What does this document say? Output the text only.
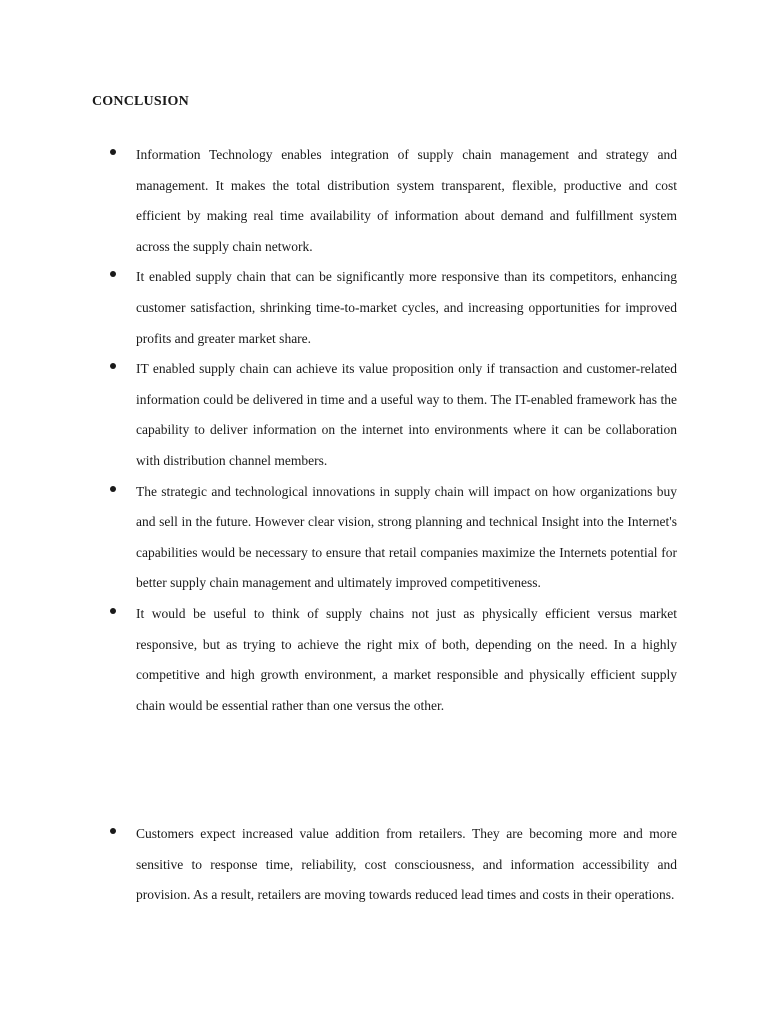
CONCLUSION

Information Technology enables integration of supply chain management and strategy and management. It makes the total distribution system transparent, flexible, productive and cost efficient by making real time availability of information about demand and fulfillment system across the supply chain network.

It enabled supply chain that can be significantly more responsive than its competitors, enhancing customer satisfaction, shrinking time-to-market cycles, and increasing opportunities for improved profits and greater market share.

IT enabled supply chain can achieve its value proposition only if transaction and customer-related information could be delivered in time and a useful way to them. The IT-enabled framework has the capability to deliver information on the internet into environments where it can be collaboration with distribution channel members.

The strategic and technological innovations in supply chain will impact on how organizations buy and sell in the future. However clear vision, strong planning and technical Insight into the Internet's capabilities would be necessary to ensure that retail companies maximize the Internets potential for better supply chain management and ultimately improved competitiveness.

It would be useful to think of supply chains not just as physically efficient versus market responsive, but as trying to achieve the right mix of both, depending on the need. In a highly competitive and high growth environment, a market responsible and physically efficient supply chain would be essential rather than one versus the other.

Customers expect increased value addition from retailers. They are becoming more and more sensitive to response time, reliability, cost consciousness, and information accessibility and provision. As a result, retailers are moving towards reduced lead times and costs in their operations.
